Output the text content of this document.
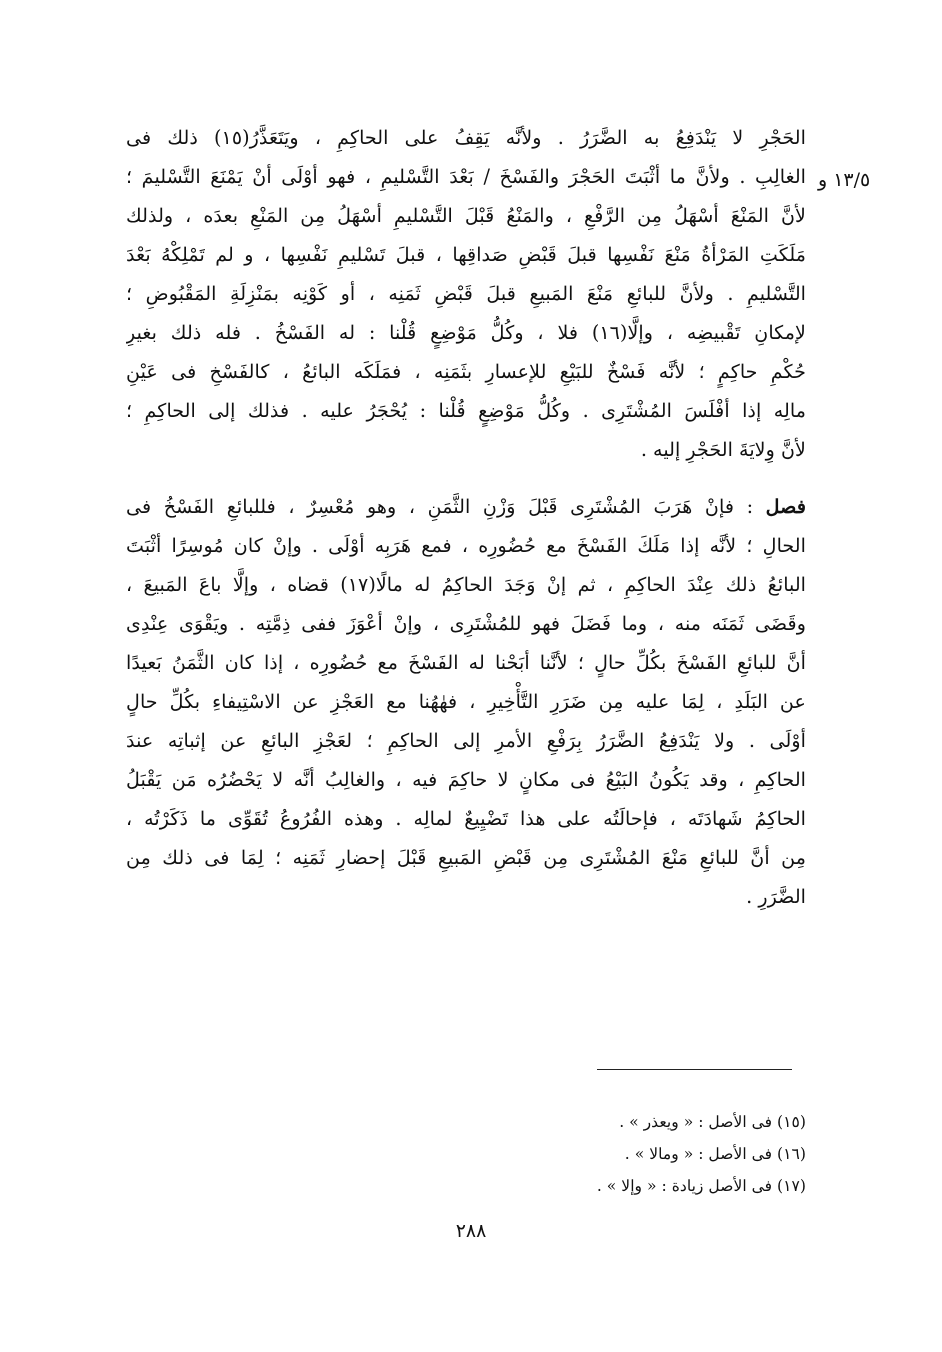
١٣/٥ و
الحَجْرِ لا يَنْدَفِعُ به الضَّرَرُ . ولأنَّه يَقِفُ على الحاكِمِ ، ويَتَعَذَّرُ(١٥) ذلك فى
الغالِبِ . ولأنَّ ما أثْبَتَ الحَجْرَ والفَسْخَ / بَعْدَ التَّسْليمِ ، فهو أوْلَى أنْ يَمْنَعَ التَّسْليمَ ؛
لأنَّ المَنْعَ أسْهَلُ مِن الرَّفْعِ ، والمَنْعُ قَبْلَ التَّسْليمِ أسْهَلُ مِن المَنْعِ بعدَه ، ولذلك
مَلَكَتِ المَرْأةُ مَنْعَ نَفْسِها قبلَ قَبْضِ صَداقِها ، قبلَ تَسْليمِ نَفْسِها ، و لم تَمْلِكْهُ بَعْدَ
التَّسْليمِ . ولأنَّ للبائعِ مَنْعَ المَبيعِ قبلَ قَبْضِ ثَمَنِه ، أو كَوْنِه بمَنْزِلَةِ المَقْبُوضِ ؛
لإمكانِ تَقْبيضِه ، وإلَّا(١٦) فلا ، وكُلُّ مَوْضِعٍ قُلْنا : له الفَسْخُ . فله ذلك بغيرِ
حُكْمِ حاكِمٍ ؛ لأنَّه فَسْخٌ للبَيْعِ للإعسارِ بثَمَنِه ، فمَلَكَه البائعُ ، كالفَسْخِ فى عَيْنِ
مالِه إذا أفْلَسَ المُشْتَرِى . وكُلُّ مَوْضِعٍ قُلْنا : يُحْجَرُ عليه . فذلك إلى الحاكِمِ ؛
لأنَّ وِلايَةَ الحَجْرِ إليه .
فصل : فإنْ هَرَبَ المُشْتَرِى قَبْلَ وَزْنِ الثَّمَنِ ، وهو مُعْسِرٌ ، فللبائعِ الفَسْخُ فى
الحالِ ؛ لأنَّه إذا مَلَكَ الفَسْخَ مع حُضُورِه ، فمع هَرَبِه أوْلَى . وإنْ كان مُوسِرًا أثْبَتَ
البائعُ ذلك عِنْدَ الحاكِمِ ، ثم إنْ وَجَدَ الحاكِمُ له مالًا(١٧) قضاه ، وإلَّا باعَ المَبيعَ ،
وقَضَى ثَمَنَه منه ، وما فَضَلَ فهو للمُشْتَرِى ، وإنْ أعْوَزَ ففى ذِمَّتِه . ويَقْوَى عِنْدِى
أنَّ للبائعِ الفَسْخَ بكُلِّ حالٍ ؛ لأنَّنا أبَحْنا له الفَسْخَ مع حُضُورِه ، إذا كان الثَّمَنُ بَعيدًا
عن البَلَدِ ، لِمَا عليه مِن ضَرَرِ التَّأْخِيرِ ، فهٰهُنا مع العَجْزِ عن الاسْتِيفاءِ بكُلِّ حالٍ
أوْلَى . ولا يَنْدَفِعُ الضَّرَرُ بِرَفْعِ الأمرِ إلى الحاكِمِ ؛ لعَجْزِ البائعِ عن إثباتِه عندَ
الحاكِمِ ، وقد يَكُونُ البَيْعُ فى مكانٍ لا حاكِمَ فيه ، والغالِبُ أنَّه لا يَحْضُرُه مَن يَقْبَلُ
الحاكِمُ شَهادَتَه ، فإحالَتُه على هذا تَضْيِيعٌ لمالِه . وهذه الفُرُوعُ تُقَوِّى ما ذَكَرْتُه ،
مِن أنَّ للبائعِ مَنْعَ المُشْتَرِى مِن قَبْضِ المَبيعِ قَبْلَ إحضارِ ثَمَنِه ؛ لِمَا فى ذلك مِن
الضَّرَرِ .
(١٥) فى الأصل : « ويعذر » .
(١٦) فى الأصل : « ومالا » .
(١٧) فى الأصل زيادة : « وإلا » .
٢٨٨
